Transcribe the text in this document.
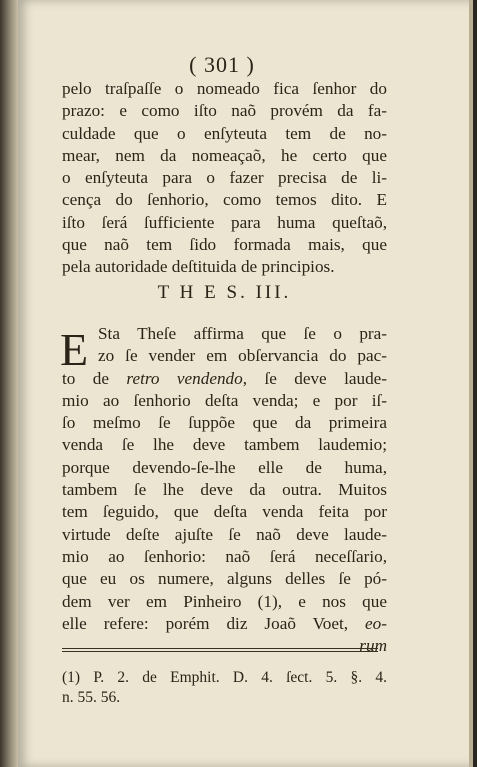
( 301 )
pelo traſpaſſe o nomeado fica ſenhor do
prazo: e como iſto naõ provém da fa-
culdade que o enſyteuta tem de no-
mear, nem da nomeaçaõ, he certo que
o enſyteuta para o fazer precisa de li-
cença do ſenhorio, como temos dito. E
iſto ſerá ſufficiente para huma queſtaõ,
que naõ tem ſido formada mais, que
pela autoridade deſtituida de principios.
T H E S. III.
E Sta Theſe affirma que ſe o pra-
zo ſe vender em obſervancia do pac-
to de retro vendendo, ſe deve laude-
mio ao ſenhorio deſta venda; e por iſ-
ſo meſmo ſe ſuppõe que da primeira
venda ſe lhe deve tambem laudemio;
porque devendo-ſe-lhe elle de huma,
tambem ſe lhe deve da outra. Muitos
tem ſeguido, que deſta venda feita por
virtude deſte ajuſte ſe naõ deve laude-
mio ao ſenhorio: naõ ſerá neceſſario,
que eu os numere, alguns delles ſe pó-
dem ver em Pinheiro (1), e nos que
elle refere: porém diz Joaõ Voet, eo-
rum
(1) P. 2. de Emphit. D. 4. ſect. 5. §. 4.
n. 55. 56.
